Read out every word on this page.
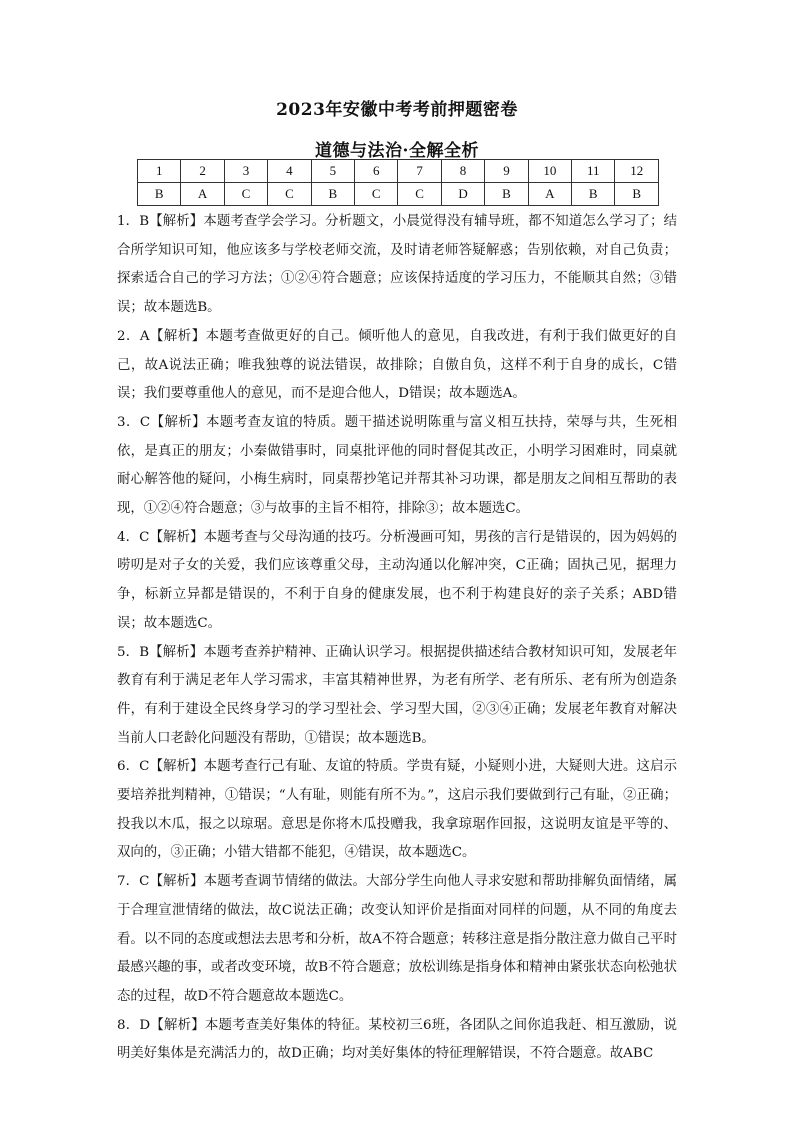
2023年安徽中考考前押题密卷
道德与法治·全解全析
1	2	3	4	5	6	7	8	9	10	11	12
B	A	C	C	B	C	C	D	B	A	B	B

1．B【解析】本题考查学会学习。分析题文，小晨觉得没有辅导班，都不知道怎么学习了；结合所学知识可知，他应该多与学校老师交流，及时请老师答疑解惑；告别依赖，对自己负责；探索适合自己的学习方法；①②④符合题意；应该保持适度的学习压力，不能顺其自然；③错误；故本题选B。

2．A【解析】本题考查做更好的自己。倾听他人的意见，自我改进，有利于我们做更好的自己，故A说法正确；唯我独尊的说法错误，故排除；自傲自负，这样不利于自身的成长，C错误；我们要尊重他人的意见，而不是迎合他人，D错误；故本题选A。

3．C【解析】本题考查友谊的特质。题干描述说明陈重与富义相互扶持，荣辱与共，生死相依，是真正的朋友；小秦做错事时，同桌批评他的同时督促其改正，小明学习困难时，同桌就耐心解答他的疑问，小梅生病时，同桌帮抄笔记并帮其补习功课，都是朋友之间相互帮助的表现，①②④符合题意；③与故事的主旨不相符，排除③；故本题选C。

4．C【解析】本题考查与父母沟通的技巧。分析漫画可知，男孩的言行是错误的，因为妈妈的唠叨是对子女的关爱，我们应该尊重父母，主动沟通以化解冲突，C正确；固执己见，据理力争，标新立异都是错误的，不利于自身的健康发展，也不利于构建良好的亲子关系；ABD错误；故本题选C。

5．B【解析】本题考查养护精神、正确认识学习。根据提供描述结合教材知识可知，发展老年教育有利于满足老年人学习需求，丰富其精神世界，为老有所学、老有所乐、老有所为创造条件，有利于建设全民终身学习的学习型社会、学习型大国，②③④正确；发展老年教育对解决当前人口老龄化问题没有帮助，①错误；故本题选B。

6．C【解析】本题考查行己有耻、友谊的特质。学贵有疑，小疑则小进，大疑则大进。这启示要培养批判精神，①错误；“人有耻，则能有所不为。”，这启示我们要做到行己有耻，②正确；投我以木瓜，报之以琼琚。意思是你将木瓜投赠我，我拿琼琚作回报，这说明友谊是平等的、双向的，③正确；小错大错都不能犯，④错误，故本题选C。

7．C【解析】本题考查调节情绪的做法。大部分学生向他人寻求安慰和帮助排解负面情绪，属于合理宣泄情绪的做法，故C说法正确；改变认知评价是指面对同样的问题，从不同的角度去看。以不同的态度或想法去思考和分析，故A不符合题意；转移注意是指分散注意力做自己平时最感兴趣的事，或者改变环境，故B不符合题意；放松训练是指身体和精神由紧张状态向松弛状态的过程，故D不符合题意故本题选C。

8．D【解析】本题考查美好集体的特征。某校初三6班，各团队之间你追我赶、相互激励，说明美好集体是充满活力的，故D正确；均对美好集体的特征理解错误，不符合题意。故ABC
